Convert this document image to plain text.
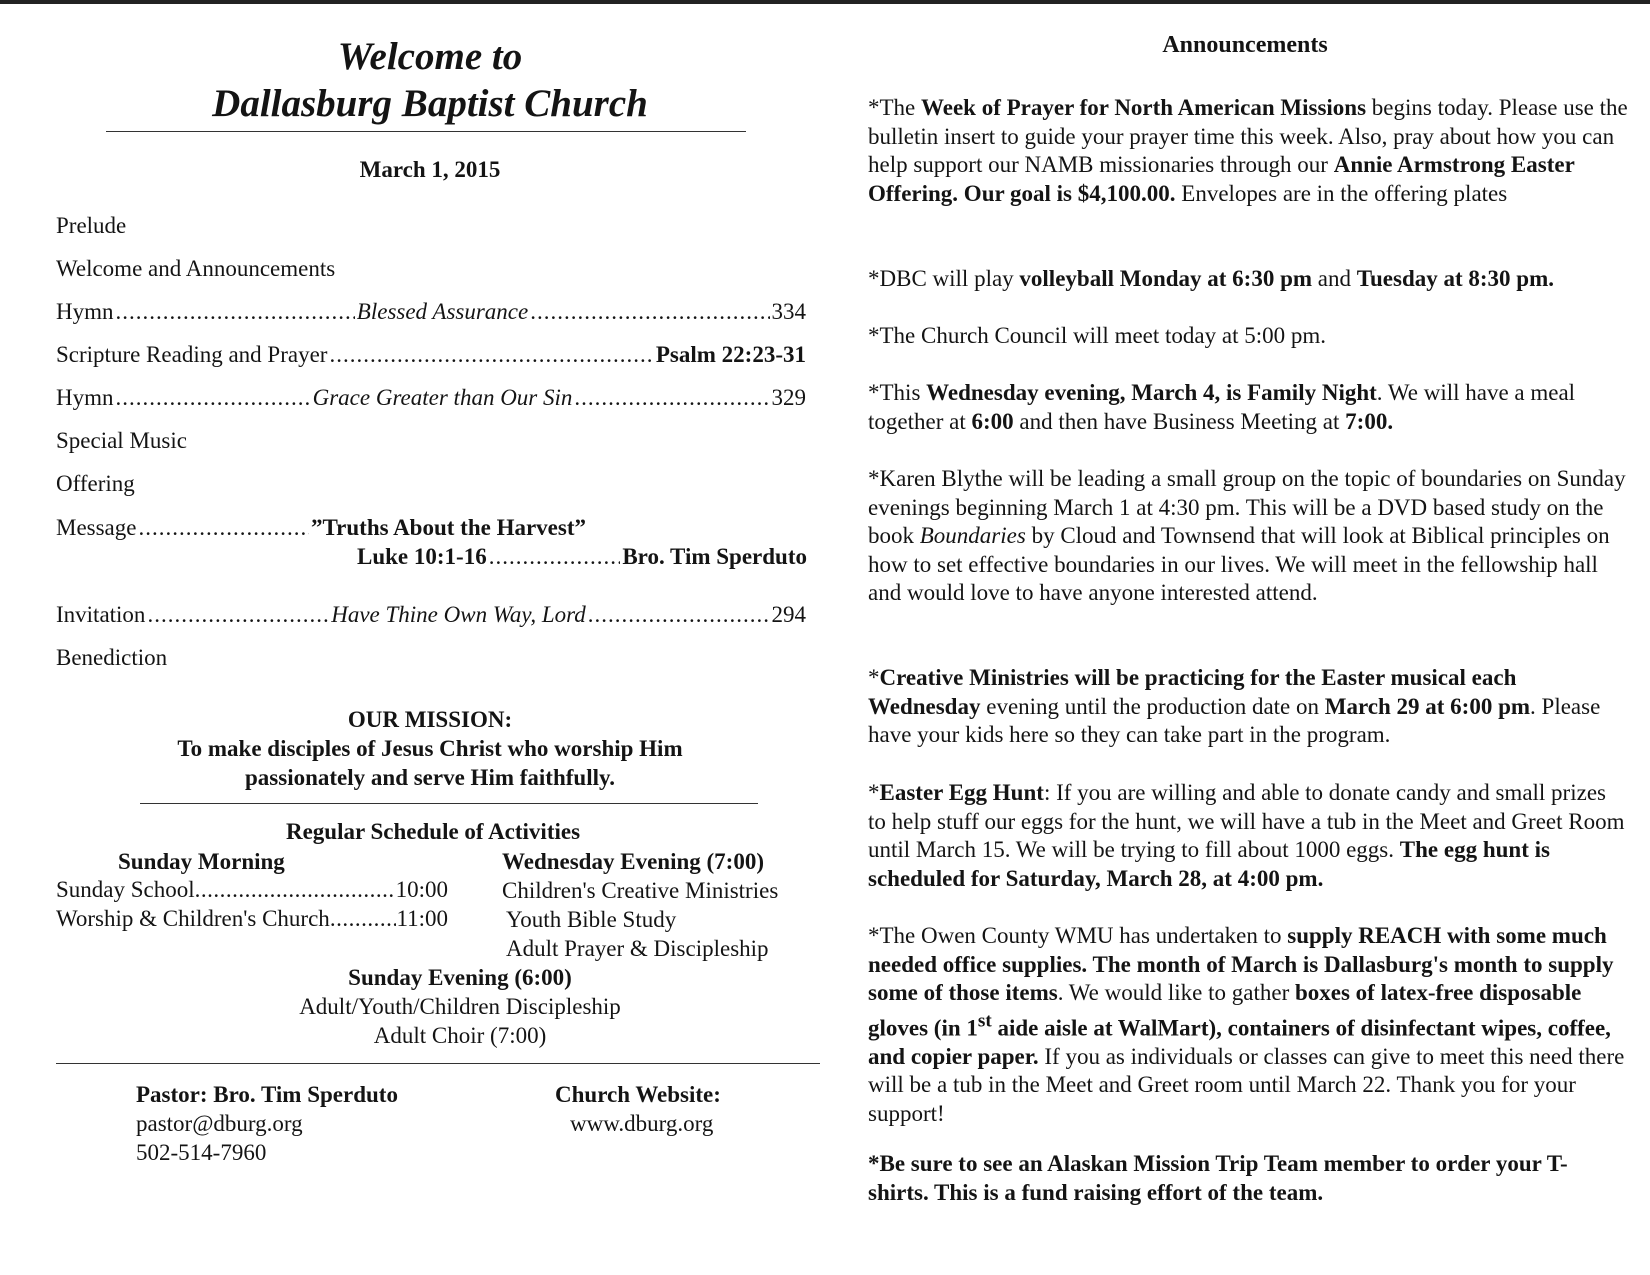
Welcome to
Dallasburg Baptist Church
March 1, 2015
Prelude
Welcome and Announcements
Hymn .....	Blessed Assurance .....	334
Scripture Reading and Prayer .....	Psalm 22:23-31
Hymn .....	Grace Greater than Our Sin .....	329
Special Music
Offering
Message .....	”Truths About the Harvest”
Luke 10:1-16 .....	Bro. Tim Sperduto
Invitation .....	Have Thine Own Way, Lord .....	294
Benediction
OUR MISSION:
To make disciples of Jesus Christ who worship Him
passionately and serve Him faithfully.
Regular Schedule of Activities
Sunday Morning
Sunday School .....	10:00
Worship & Children's Church .....	11:00
Wednesday Evening (7:00)
Children's Creative Ministries
Youth Bible Study
Adult Prayer & Discipleship
Sunday Evening (6:00)
Adult/Youth/Children Discipleship
Adult Choir (7:00)
Pastor: Bro. Tim Sperduto
pastor@dburg.org
502-514-7960
Church Website:
www.dburg.org
Announcements

*The Week of Prayer for North American Missions begins today. Please use the bulletin insert to guide your prayer time this week. Also, pray about how you can help support our NAMB missionaries through our Annie Armstrong Easter Offering. Our goal is $4,100.00. Envelopes are in the offering plates

*DBC will play volleyball Monday at 6:30 pm and Tuesday at 8:30 pm.

*The Church Council will meet today at 5:00 pm.

*This Wednesday evening, March 4, is Family Night. We will have a meal together at 6:00 and then have Business Meeting at 7:00.

*Karen Blythe will be leading a small group on the topic of boundaries on Sunday evenings beginning March 1 at 4:30 pm. This will be a DVD based study on the book Boundaries by Cloud and Townsend that will look at Biblical principles on how to set effective boundaries in our lives. We will meet in the fellowship hall and would love to have anyone interested attend.

*Creative Ministries will be practicing for the Easter musical each Wednesday evening until the production date on March 29 at 6:00 pm. Please have your kids here so they can take part in the program.

*Easter Egg Hunt: If you are willing and able to donate candy and small prizes to help stuff our eggs for the hunt, we will have a tub in the Meet and Greet Room until March 15. We will be trying to fill about 1000 eggs. The egg hunt is scheduled for Saturday, March 28, at 4:00 pm.

*The Owen County WMU has undertaken to supply REACH with some much needed office supplies. The month of March is Dallasburg's month to supply some of those items. We would like to gather boxes of latex-free disposable gloves (in 1st aide aisle at WalMart), containers of disinfectant wipes, coffee, and copier paper. If you as individuals or classes can give to meet this need there will be a tub in the Meet and Greet room until March 22. Thank you for your support!

*Be sure to see an Alaskan Mission Trip Team member to order your T-shirts. This is a fund raising effort of the team.
